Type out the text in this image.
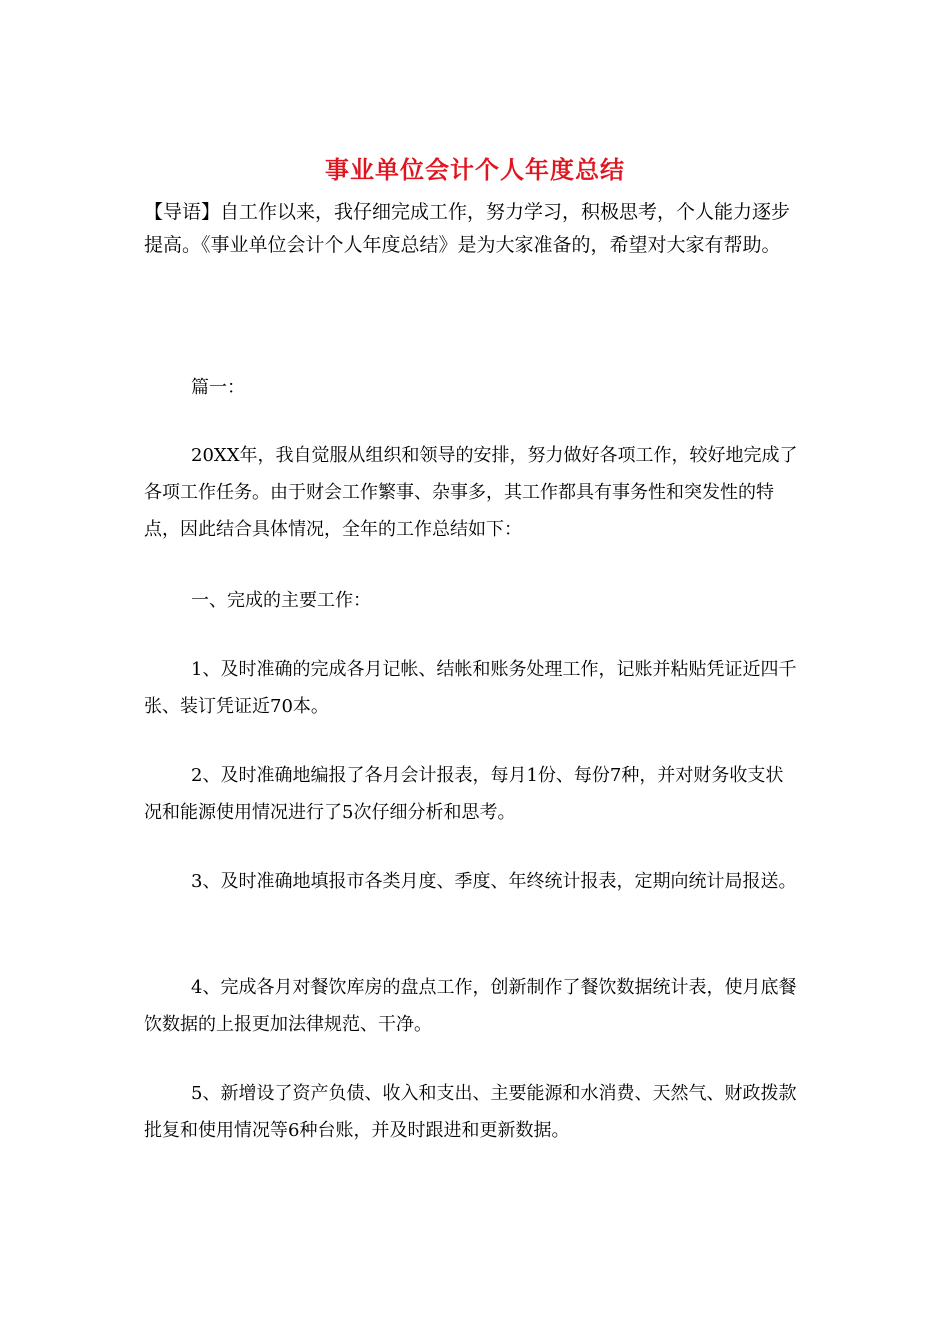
事业单位会计个人年度总结
【导语】自工作以来，我仔细完成工作，努力学习，积极思考，个人能力逐步
提高。《事业单位会计个人年度总结》是为大家准备的，希望对大家有帮助。

篇一：

20XX年，我自觉服从组织和领导的安排，努力做好各项工作，较好地完成了各项工作任务。由于财会工作繁事、杂事多，其工作都具有事务性和突发性的特点，因此结合具体情况，全年的工作总结如下：

一、完成的主要工作：

1、及时准确的完成各月记帐、结帐和账务处理工作，记账并粘贴凭证近四千张、装订凭证近70本。

2、及时准确地编报了各月会计报表，每月1份、每份7种，并对财务收支状况和能源使用情况进行了5次仔细分析和思考。

3、及时准确地填报市各类月度、季度、年终统计报表，定期向统计局报送。

4、完成各月对餐饮库房的盘点工作，创新制作了餐饮数据统计表，使月底餐饮数据的上报更加法律规范、干净。

5、新增设了资产负债、收入和支出、主要能源和水消费、天然气、财政拨款批复和使用情况等6种台账，并及时跟进和更新数据。
